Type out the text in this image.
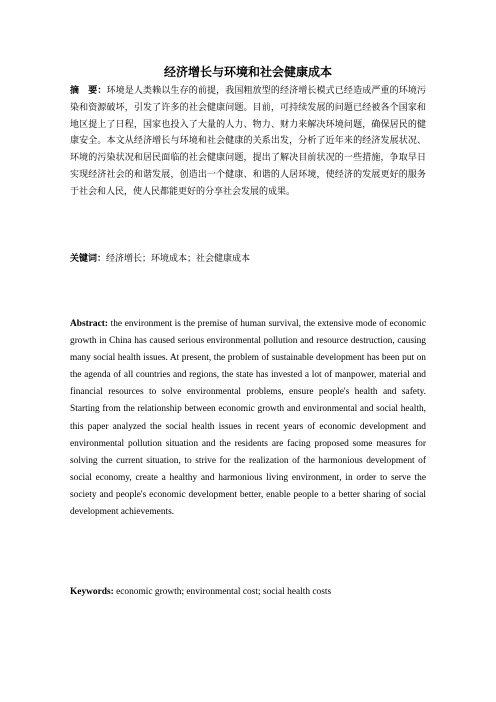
经济增长与环境和社会健康成本
摘　要：环境是人类赖以生存的前提，我国粗放型的经济增长模式已经造成严重的环境污染和资源破坏，引发了许多的社会健康问题。目前，可持续发展的问题已经被各个国家和地区提上了日程，国家也投入了大量的人力、物力、财力来解决环境问题，确保居民的健康安全。本文从经济增长与环境和社会健康的关系出发，分析了近年来的经济发展状况、环境的污染状况和居民面临的社会健康问题，提出了解决目前状况的一些措施，争取早日实现经济社会的和谐发展，创造出一个健康、和谐的人居环境，使经济的发展更好的服务于社会和人民，使人民都能更好的分享社会发展的成果。
关键词：经济增长；环境成本；社会健康成本
Abstract: the environment is the premise of human survival, the extensive mode of economic growth in China has caused serious environmental pollution and resource destruction, causing many social health issues. At present, the problem of sustainable development has been put on the agenda of all countries and regions, the state has invested a lot of manpower, material and financial resources to solve environmental problems, ensure people's health and safety. Starting from the relationship between economic growth and environmental and social health, this paper analyzed the social health issues in recent years of economic development and environmental pollution situation and the residents are facing proposed some measures for solving the current situation, to strive for the realization of the harmonious development of social economy, create a healthy and harmonious living environment, in order to serve the society and people's economic development better, enable people to a better sharing of social development achievements.
Keywords: economic growth; environmental cost; social health costs
